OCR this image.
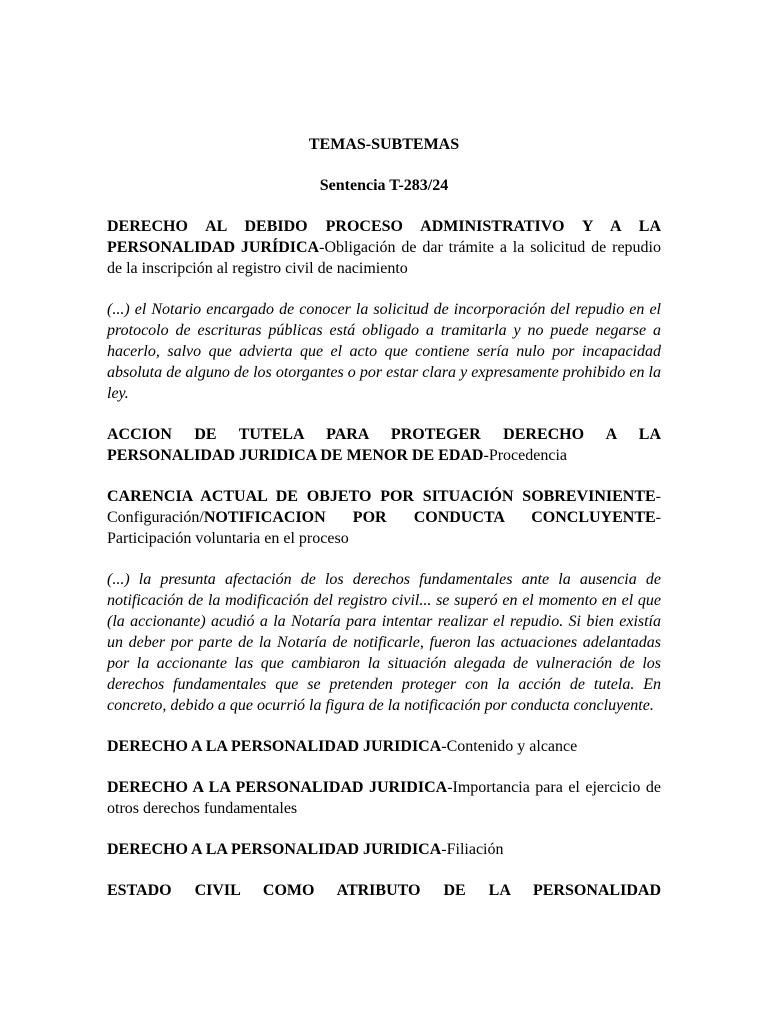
TEMAS-SUBTEMAS
Sentencia T-283/24

DERECHO AL DEBIDO PROCESO ADMINISTRATIVO Y A LA PERSONALIDAD JURÍDICA-Obligación de dar trámite a la solicitud de repudio de la inscripción al registro civil de nacimiento

(...) el Notario encargado de conocer la solicitud de incorporación del repudio en el protocolo de escrituras públicas está obligado a tramitarla y no puede negarse a hacerlo, salvo que advierta que el acto que contiene sería nulo por incapacidad absoluta de alguno de los otorgantes o por estar clara y expresamente prohibido en la ley.

ACCION DE TUTELA PARA PROTEGER DERECHO A LA PERSONALIDAD JURIDICA DE MENOR DE EDAD-Procedencia

CARENCIA ACTUAL DE OBJETO POR SITUACIÓN SOBREVINIENTE-Configuración/NOTIFICACION POR CONDUCTA CONCLUYENTE-Participación voluntaria en el proceso

(...) la presunta afectación de los derechos fundamentales ante la ausencia de notificación de la modificación del registro civil... se superó en el momento en el que (la accionante) acudió a la Notaría para intentar realizar el repudio. Si bien existía un deber por parte de la Notaría de notificarle, fueron las actuaciones adelantadas por la accionante las que cambiaron la situación alegada de vulneración de los derechos fundamentales que se pretenden proteger con la acción de tutela. En concreto, debido a que ocurrió la figura de la notificación por conducta concluyente.

DERECHO A LA PERSONALIDAD JURIDICA-Contenido y alcance

DERECHO A LA PERSONALIDAD JURIDICA-Importancia para el ejercicio de otros derechos fundamentales

DERECHO A LA PERSONALIDAD JURIDICA-Filiación

ESTADO CIVIL COMO ATRIBUTO DE LA PERSONALIDAD
